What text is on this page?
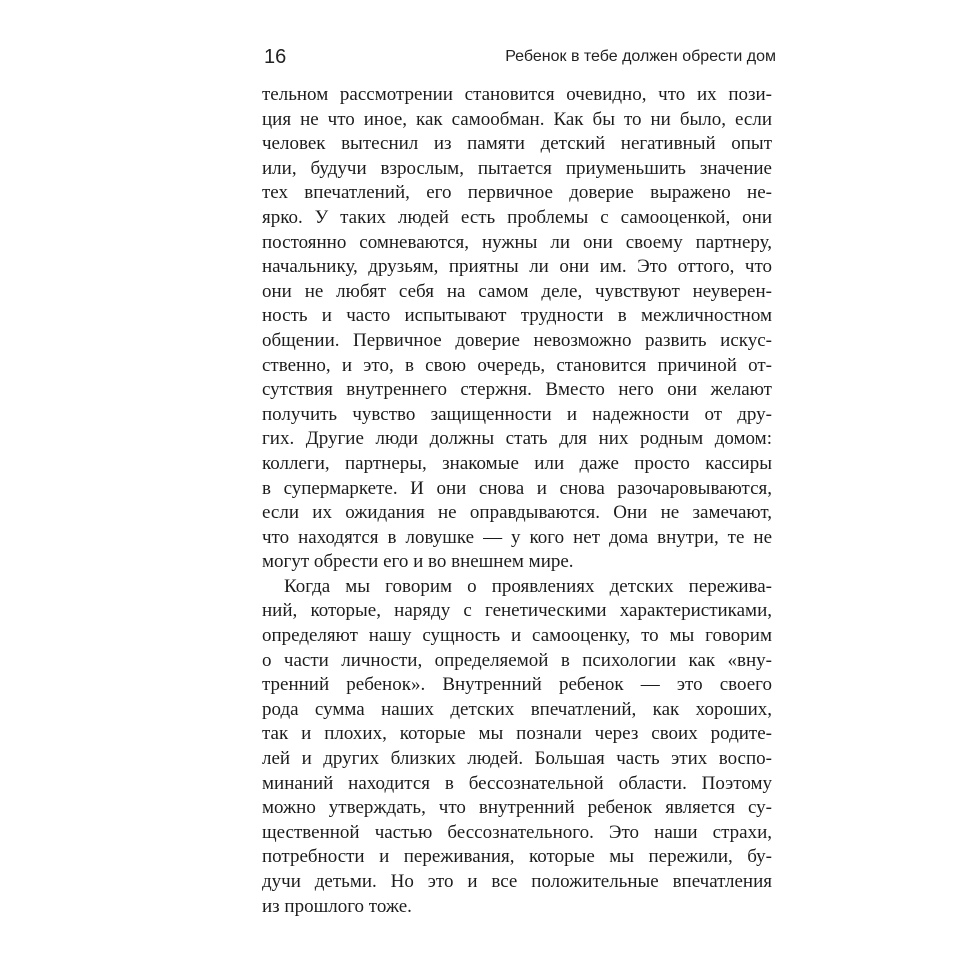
16	Ребенок в тебе должен обрести дом
тельном рассмотрении становится очевидно, что их пози-
ция не что иное, как самообман. Как бы то ни было, если
человек вытеснил из памяти детский негативный опыт
или, будучи взрослым, пытается приуменьшить значение
тех впечатлений, его первичное доверие выражено не-
ярко. У таких людей есть проблемы с самооценкой, они
постоянно сомневаются, нужны ли они своему партнеру,
начальнику, друзьям, приятны ли они им. Это оттого, что
они не любят себя на самом деле, чувствуют неуверен-
ность и часто испытывают трудности в межличностном
общении. Первичное доверие невозможно развить искус-
ственно, и это, в свою очередь, становится причиной от-
сутствия внутреннего стержня. Вместо него они желают
получить чувство защищенности и надежности от дру-
гих. Другие люди должны стать для них родным домом:
коллеги, партнеры, знакомые или даже просто кассиры
в супермаркете. И они снова и снова разочаровываются,
если их ожидания не оправдываются. Они не замечают,
что находятся в ловушке — у кого нет дома внутри, те не
могут обрести его и во внешнем мире.
Когда мы говорим о проявлениях детских пережива-
ний, которые, наряду с генетическими характеристиками,
определяют нашу сущность и самооценку, то мы говорим
о части личности, определяемой в психологии как «вну-
тренний ребенок». Внутренний ребенок — это своего
рода сумма наших детских впечатлений, как хороших,
так и плохих, которые мы познали через своих родите-
лей и других близких людей. Большая часть этих воспо-
минаний находится в бессознательной области. Поэтому
можно утверждать, что внутренний ребенок является су-
щественной частью бессознательного. Это наши страхи,
потребности и переживания, которые мы пережили, бу-
дучи детьми. Но это и все положительные впечатления
из прошлого тоже.
